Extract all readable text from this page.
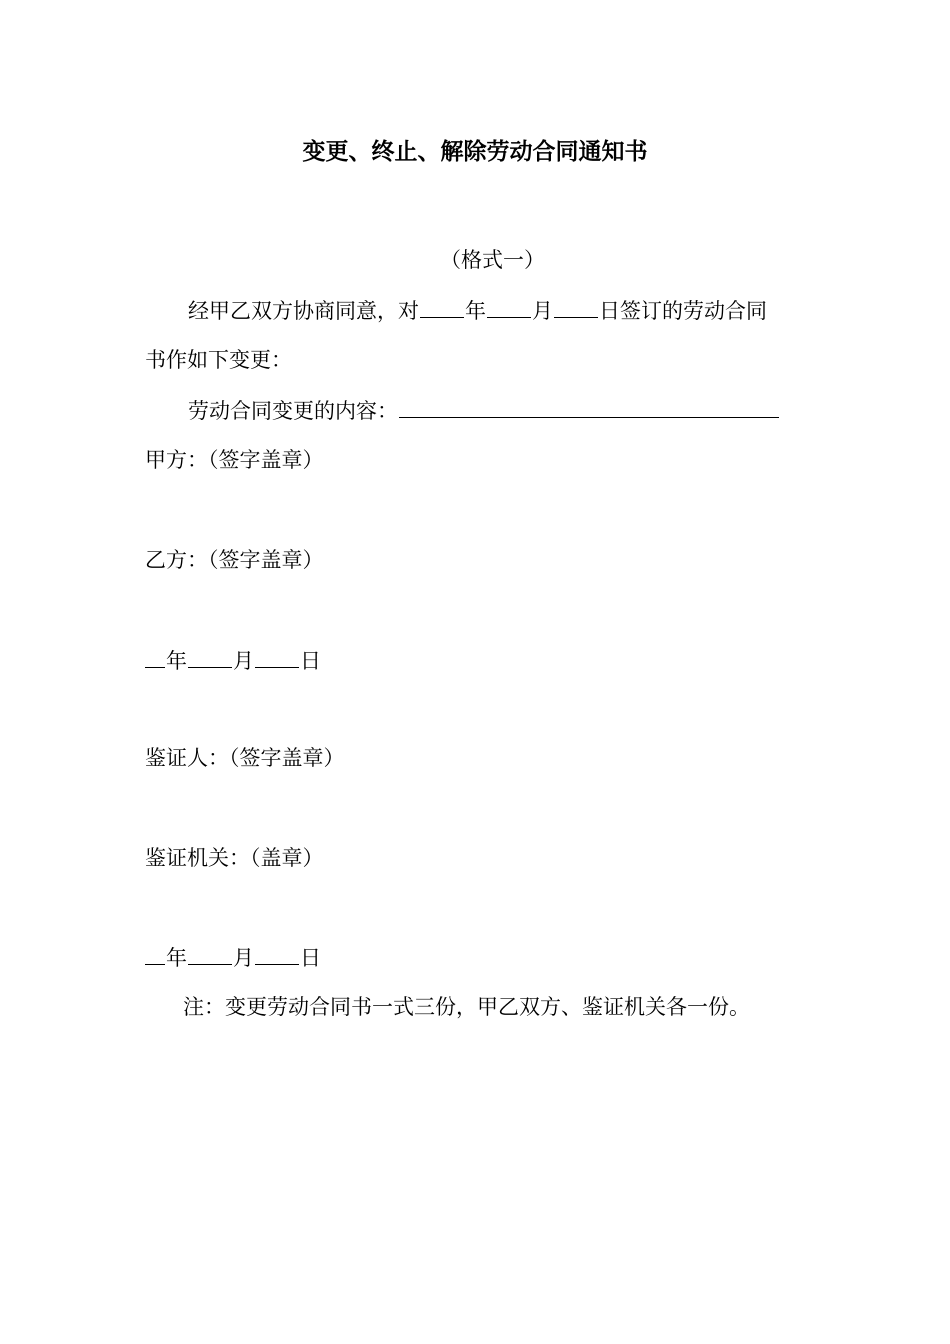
变更、终止、解除劳动合同通知书
（格式一）
经甲乙双方协商同意，对 年 月 日签订的劳动合同
书作如下变更：
劳动合同变更的内容：
甲方：（签字盖章）
乙方：（签字盖章）
年 月 日
鉴证人：（签字盖章）
鉴证机关：（盖章）
年 月 日
注：变更劳动合同书一式三份，甲乙双方、鉴证机关各一份。
